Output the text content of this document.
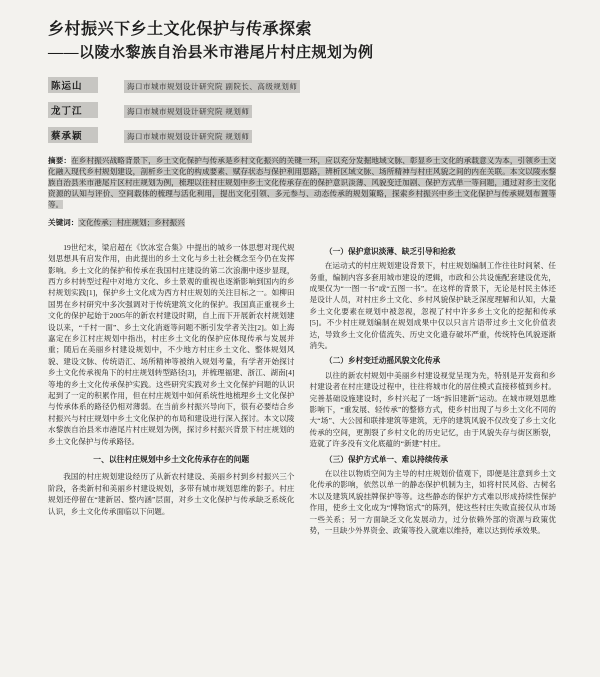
乡村振兴下乡土文化保护与传承探索
——以陵水黎族自治县米市港尾片村庄规划为例
陈运山	海口市城市规划设计研究院 副院长、高级规划师
龙丁江	海口市城市规划设计研究院 规划师
蔡承颖	海口市城市规划设计研究院 规划师
摘要：在乡村振兴战略背景下，乡土文化保护与传承是乡村文化振兴的关键一环，应以充分发掘地域文脉、彰显乡土文化的承载意义为本，引领乡土文化融入现代乡村规划建设，剖析乡土文化的构成要素、赋存状态与保护利用思路，辨析区域文脉、场所精神与村庄风貌之间的内在关联。本文以陵水黎族自治县米市港尾片区村庄规划为例，梳理以往村庄规划中乡土文化传承存在的保护意识淡薄、风貌变迁加剧、保护方式单一等问题，通过对乡土文化资源的认知与评价、空间载体的梳理与活化利用，提出文化引领、多元参与、动态传承的规划策略，探索乡村振兴中乡土文化保护与传承规划布置等等。
关键词：文化传承；村庄规划；乡村振兴

19世纪末，梁启超在《饮冰室合集》中提出的城乡一体思想对现代规划思想具有启发作用，由此提出的乡土文化与乡土社会概念至今仍在发挥影响。乡土文化的保护和传承在我国村庄建设的第二次浪潮中逐步显现，西方乡村转型过程中对地方文化、乡土景观的重视也逐渐影响到国内的乡村规划实践[1]，保护乡土文化成为西方村庄规划的关注目标之一。如柳田国男在乡村研究中多次强调对于传统建筑文化的保护。我国真正重视乡土文化的保护起始于2005年的新农村建设时期，自上而下开展新农村规划建设以来，“千村一面”、乡土文化消逝等问题不断引发学者关注[2]。如上海嘉定在乡江村庄规划中指出，村庄乡土文化的保护应体现传承与发展并重；随后在美丽乡村建设规划中，不少地方村庄乡土文化、整体规划风貌、建设文脉、传统语汇、场所精神等被纳入规划考量，有学者开始探讨乡土文化传承视角下的村庄规划转型路径[3]，并梳理福建、浙江、湖南[4]等地的乡土文化传承保护实践。这些研究实践对乡土文化保护问题的认识起到了一定的积累作用，但在村庄规划中如何系统性地梳理乡土文化保护与传承体系的路径仍相对薄弱。在当前乡村振兴导向下，很有必要结合乡村振兴与村庄规划中乡土文化保护的布局和建设进行深入探讨。本文以陵水黎族自治县米市港尾片村庄规划为例，探讨乡村振兴背景下村庄规划的乡土文化保护与传承路径。

一、以往村庄规划中乡土文化传承存在的问题

我国的村庄规划建设经历了从新农村建设、美丽乡村到乡村振兴三个阶段，各类新村和美丽乡村建设规划，多带有城市规划思维的影子。村庄规划还停留在“建新居、整内涵”层面，对乡土文化保护与传承缺乏系统化认识，乡土文化传承面临以下问题。

（一）保护意识淡薄、缺乏引导和抢救

在运动式的村庄规划建设背景下，村庄规划编制工作往往时间紧、任务重，编制内容多套用城市建设的逻辑，市政和公共设施配套建设优先，成果仅为“一图一书”或“五图一书”。在这样的背景下，无论是村民主体还是设计人员，对村庄乡土文化、乡村风貌保护缺乏深度理解和认知，大量乡土文化要素在规划中被忽视，忽视了村中许多乡土文化的挖掘和传承[5]。不少村庄规划编制在规划成果中仅以只言片语带过乡土文化价值表达，导致乡土文化价值流失、历史文化遗存破坏严重，传统特色风貌逐渐消失。

（二）乡村变迁动摇风貌文化传承

以往的新农村规划中美丽乡村建设视觉呈现为先，特别是开发商和乡村建设者在村庄建设过程中，往往将城市化的居住模式直接移植到乡村。完善基础设施建设时，乡村兴起了一场“拆旧建新”运动。在城市规划思维影响下，“重发展、轻传承”的整修方式，使乡村出现了与乡土文化不同的大“场”、大公园和联排建筑等建筑，无序的建筑风貌不仅改变了乡土文化传承的空间，更割裂了乡村文化的历史记忆，由于风貌失存与街区断裂，造就了许多没有文化底蕴的“新建”村庄。

（三）保护方式单一、难以持续传承

在以往以物质空间为主导的村庄规划价值观下，即便是注意到乡土文化传承的影响，依然以单一的静态保护机制为主，如将村民风俗、古树名木以及建筑风貌挂牌保护等等。这些静态的保护方式难以形成持续性保护作用，使乡土文化成为“博物馆式”的陈列，使这些村庄失败直接仅从市场一些关系；另一方面缺乏文化发展动力，过分依赖外部的资源与政策优势，一旦缺少外界资金、政策等投入就难以维持，难以达到传承效果。
